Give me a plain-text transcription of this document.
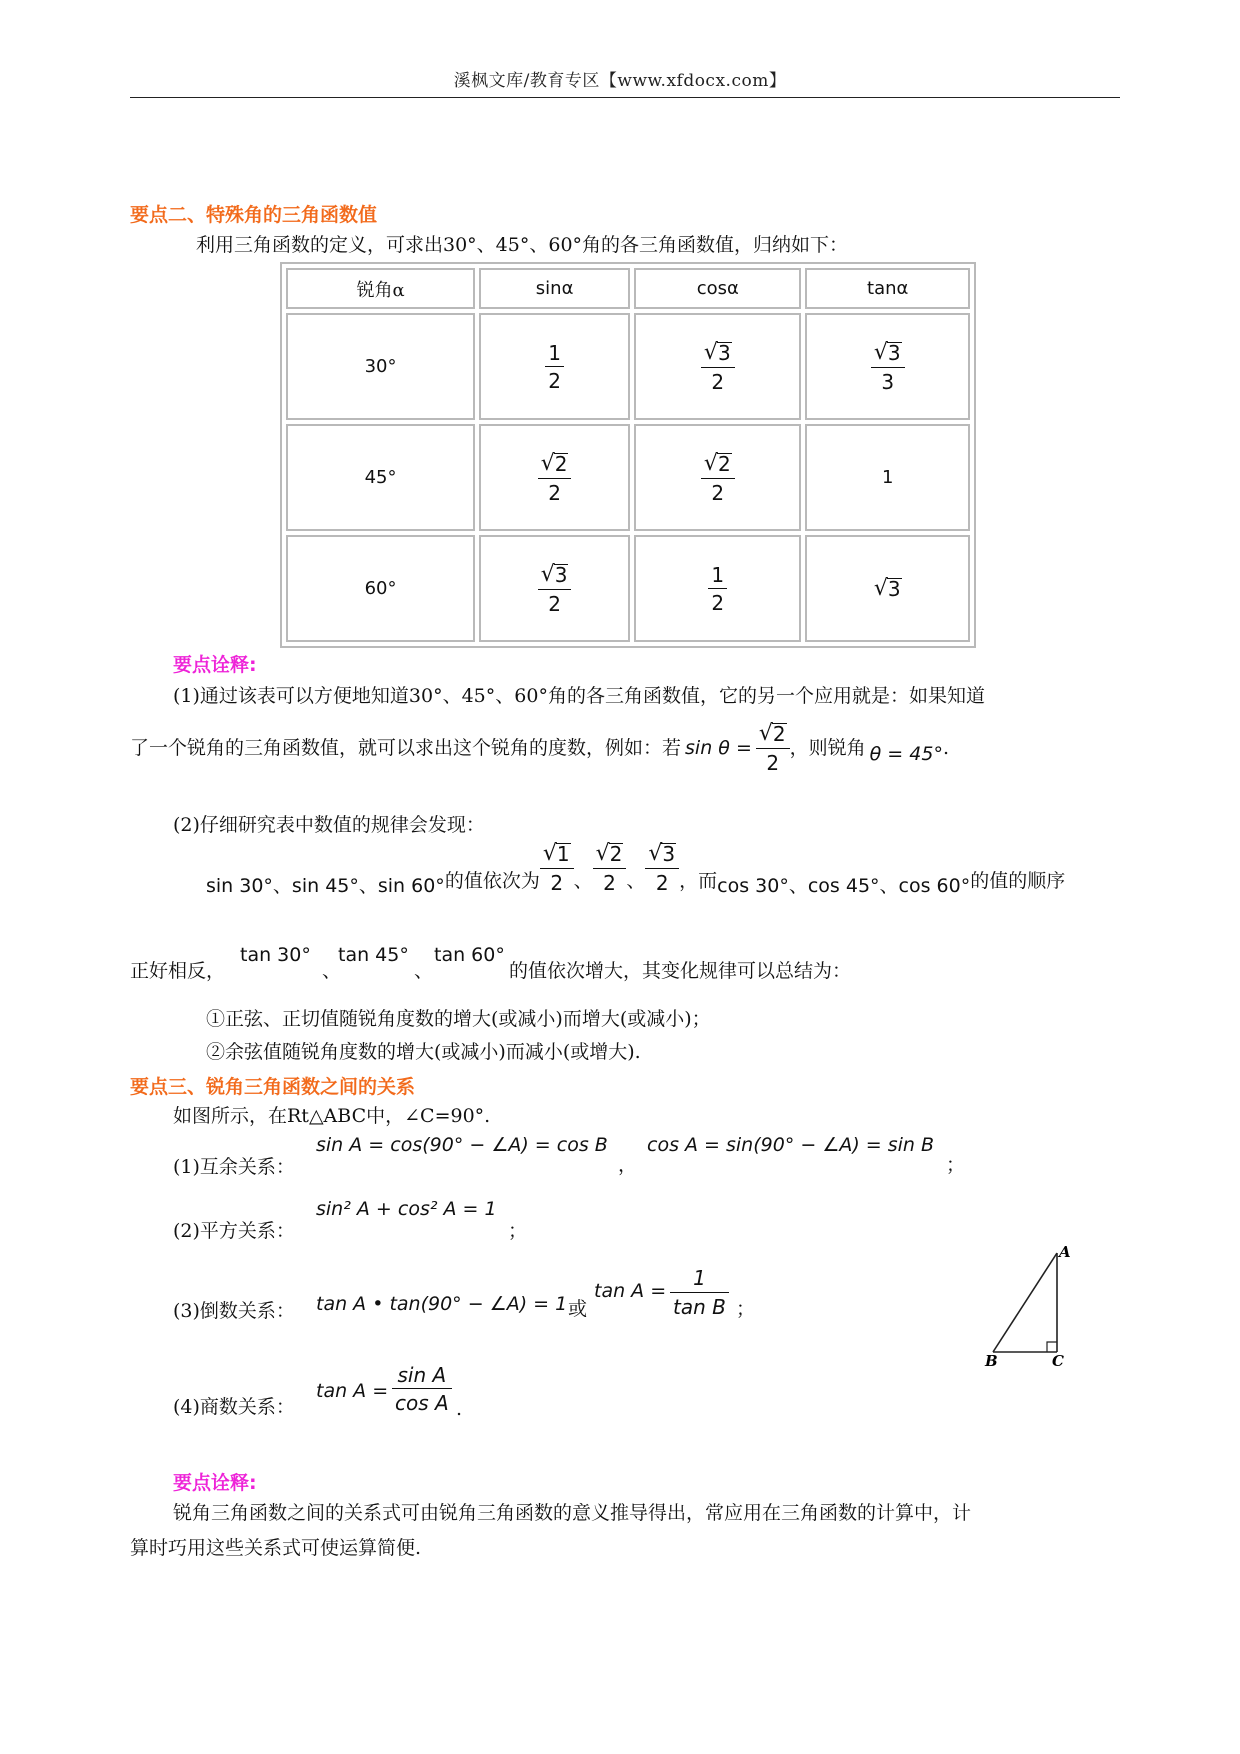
溪枫文库/教育专区【www.xfdocx.com】
要点二、特殊角的三角函数值
利用三角函数的定义，可求出30°、45°、60°角的各三角函数值，归纳如下：
锐角α	sinα	cosα	tanα
30°	$\frac{1}{2}$	$\frac{√ 3}{2}$	$\frac{√ 3}{3}$

45°	$\frac{√ 2}{2}$	$\frac{√ 2}{2}$	1
60°	$\frac{√ 3}{2}$	$\frac{1}{2}$	√ 3
要点诠释:
(1)通过该表可以方便地知道30°、45°、60°角的各三角函数值，它的另一个应用就是：如果知道
了一个锐角的三角函数值，就可以求出这个锐角的度数，例如：若 $\sin \theta = \frac{√ 2}{2}$ ，则锐角 θ = 45° .
(2)仔细研究表中数值的规律会发现：
sin 30°、sin 45°、sin 60° 的值依次为 $\frac{√ 1}{2}$ 、 $\frac{√ 2}{2}$ 、 $\frac{√ 3}{2}$ ，而 cos 30°、cos 45°、cos 60° 的值的顺序
正好相反，
tan 30°
、
tan 45°
、
tan 60°
的值依次增大，其变化规律可以总结为：
①正弦、正切值随锐角度数的增大(或减小)而增大(或减小)；
②余弦值随锐角度数的增大(或减小)而减小(或增大).
要点三、锐角三角函数之间的关系
如图所示，在Rt△ABC中，∠C=90°.
(1)互余关系：
sin A = cos(90° − ∠A) = cos B
，
cos A = sin(90° − ∠A) = sin B
；
(2)平方关系：
sin² A + cos² A = 1
；
(3)倒数关系： tan A • tan(90° − ∠A) = 1 或
$\tan A = \frac{1}{\text{tan B}}$ ；
(4)商数关系：
$\tan A = \frac{\text{sin A}}{\text{cos A}}$ .
A
B	C
要点诠释:
锐角三角函数之间的关系式可由锐角三角函数的意义推导得出，常应用在三角函数的计算中，计
算时巧用这些关系式可使运算简便.
